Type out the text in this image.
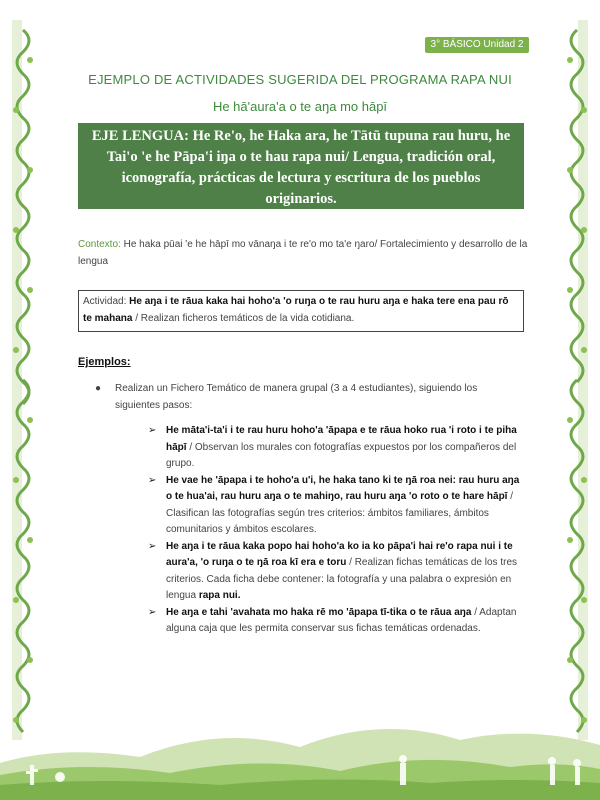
3° BÁSICO Unidad 2
EJEMPLO DE ACTIVIDADES SUGERIDA DEL PROGRAMA RAPA NUI
He hā'aura'a o te aŋa mo hāpī
EJE LENGUA: He Re'o, he Haka ara, he Tātū tupuna rau huru, he Tai'o 'e he Pāpa'i iŋa o te hau rapa nui/ Lengua, tradición oral, iconografía, prácticas de lectura y escritura de los pueblos originarios.
Contexto: He haka pūai 'e he hāpī mo vānaŋa i te re'o mo ta'e ŋaro/ Fortalecimiento y desarrollo de la lengua
Actividad: He aŋa i te rāua kaka hai hoho'a 'o ruŋa o te rau huru aŋa e haka tere ena pau rō te mahana / Realizan ficheros temáticos de la vida cotidiana.
Ejemplos:
● Realizan un Fichero Temático de manera grupal (3 a 4 estudiantes), siguiendo los siguientes pasos:
➢ He māta'i-ta'i i te rau huru hoho'a 'āpapa e te rāua hoko rua 'i roto i te piha hāpī / Observan los murales con fotografías expuestos por los compañeros del grupo.
➢ He vae he 'āpapa i te hoho'a u'i, he haka tano ki te ŋā roa nei: rau huru aŋa o te hua'ai, rau huru aŋa o te mahiŋo, rau huru aŋa 'o roto o te hare hāpī / Clasifican las fotografías según tres criterios: ámbitos familiares, ámbitos comunitarios y ámbitos escolares.
➢ He aŋa i te rāua kaka popo hai hoho'a ko ia ko pāpa'i hai re'o rapa nui i te aura'a, 'o ruŋa o te ŋā roa kī era e toru / Realizan fichas temáticas de los tres criterios. Cada ficha debe contener: la fotografía y una palabra o expresión en lengua rapa nui.
➢ He aŋa e tahi 'avahata mo haka rē mo 'āpapa tī-tika o te rāua aŋa / Adaptan alguna caja que les permita conservar sus fichas temáticas ordenadas.
